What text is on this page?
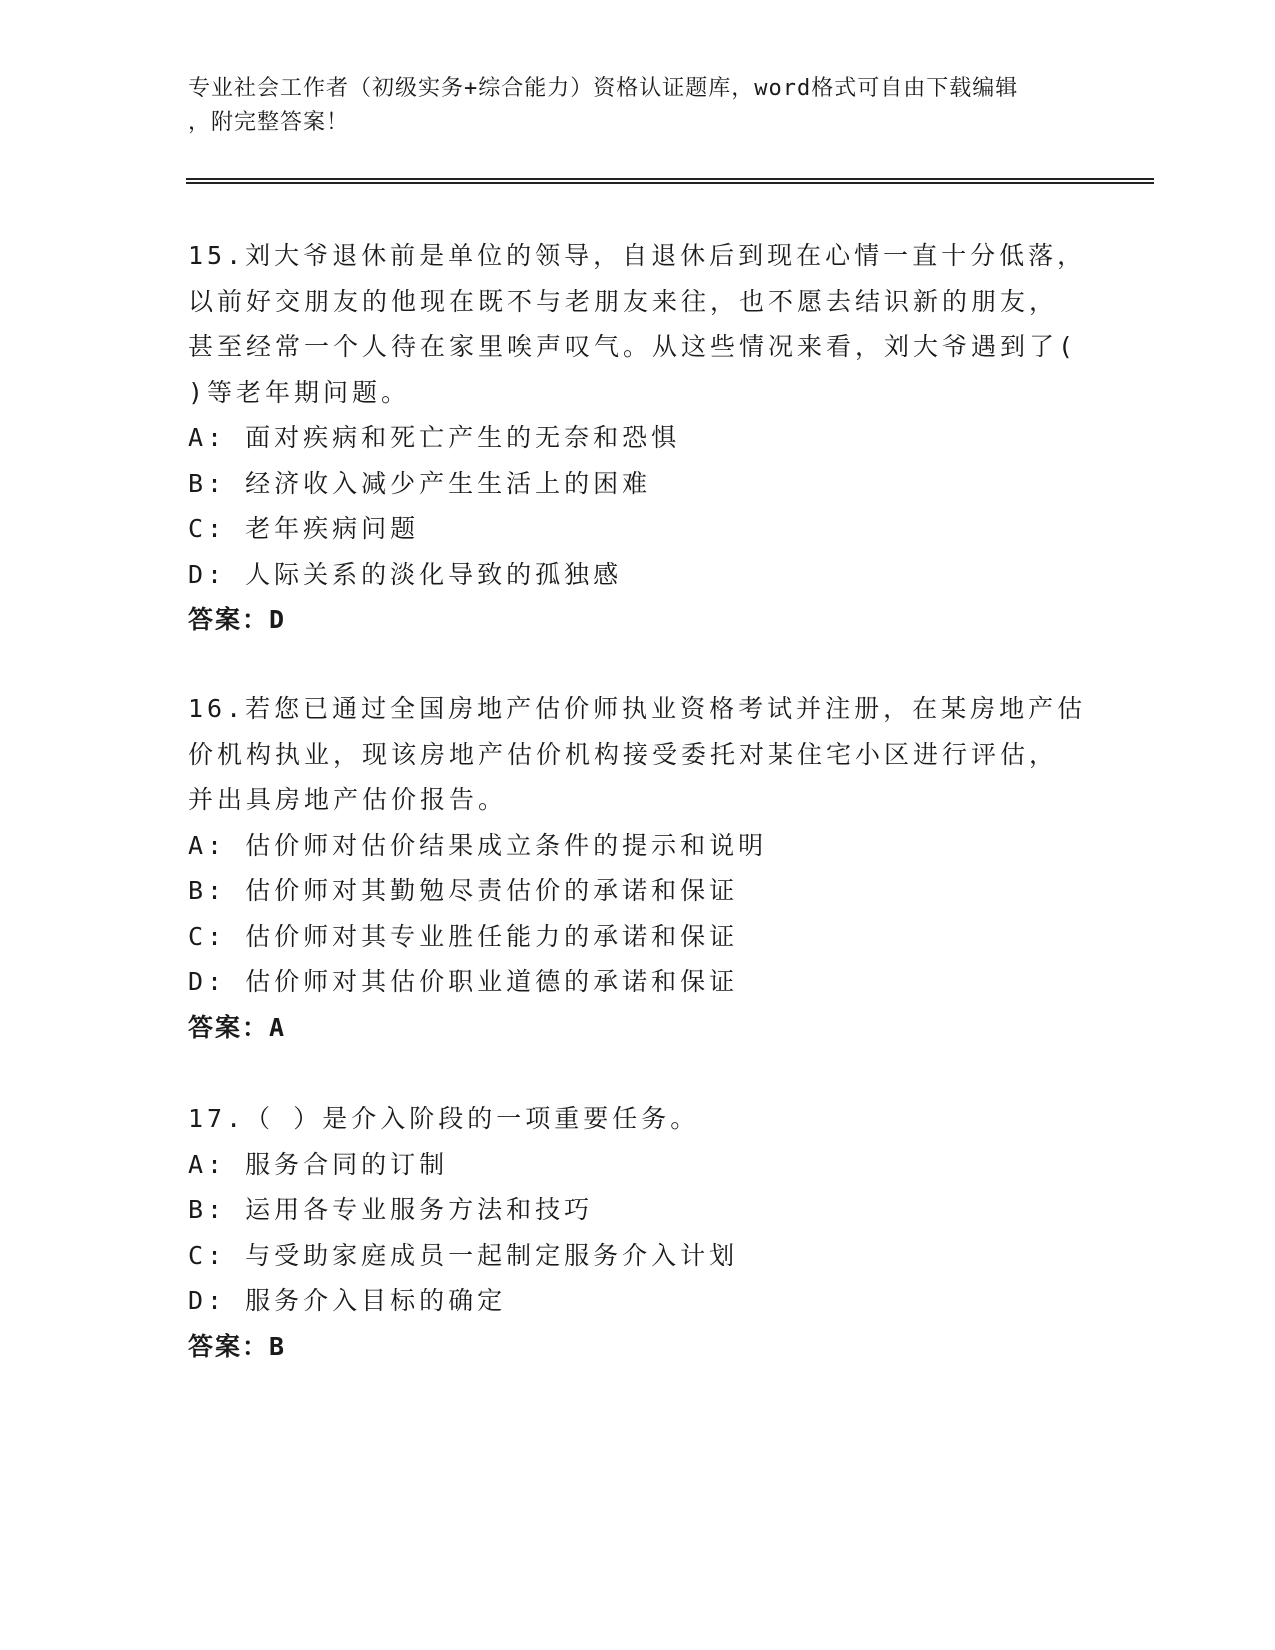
专业社会工作者（初级实务+综合能力）资格认证题库，word格式可自由下载编辑
，附完整答案！

15.刘大爷退休前是单位的领导，自退休后到现在心情一直十分低落，

以前好交朋友的他现在既不与老朋友来往，也不愿去结识新的朋友，

甚至经常一个人待在家里唉声叹气。从这些情况来看，刘大爷遇到了(

)等老年期问题。

A: 面对疾病和死亡产生的无奈和恐惧

B: 经济收入减少产生生活上的困难

C: 老年疾病问题

D: 人际关系的淡化导致的孤独感

答案：D

16.若您已通过全国房地产估价师执业资格考试并注册，在某房地产估

价机构执业，现该房地产估价机构接受委托对某住宅小区进行评估，

并出具房地产估价报告。

A: 估价师对估价结果成立条件的提示和说明

B: 估价师对其勤勉尽责估价的承诺和保证

C: 估价师对其专业胜任能力的承诺和保证

D: 估价师对其估价职业道德的承诺和保证

答案：A

17.（ ）是介入阶段的一项重要任务。

A: 服务合同的订制

B: 运用各专业服务方法和技巧

C: 与受助家庭成员一起制定服务介入计划

D: 服务介入目标的确定

答案：B
